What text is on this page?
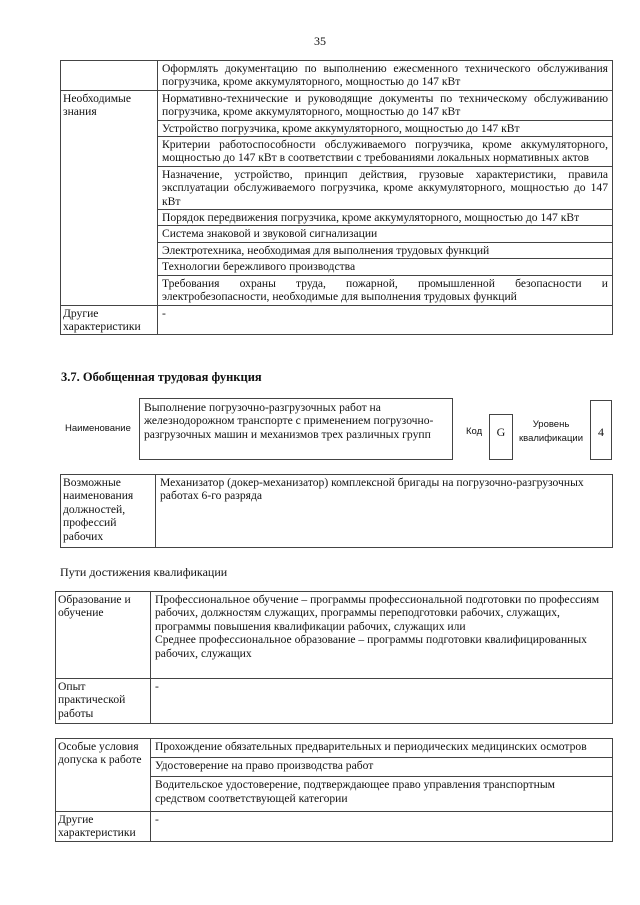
35
	Оформлять документацию по выполнению ежесменного технического обслуживания погрузчика, кроме аккумуляторного, мощностью до 147 кВт
Необходимые знания	Нормативно-технические и руководящие документы по техническому обслуживанию погрузчика, кроме аккумуляторного, мощностью до 147 кВт
	Устройство погрузчика, кроме аккумуляторного, мощностью до 147 кВт
	Критерии работоспособности обслуживаемого погрузчика, кроме аккумуляторного, мощностью до 147 кВт в соответствии с требованиями локальных нормативных актов
	Назначение, устройство, принцип действия, грузовые характеристики, правила эксплуатации обслуживаемого погрузчика, кроме аккумуляторного, мощностью до 147 кВт
	Порядок передвижения погрузчика, кроме аккумуляторного, мощностью до 147 кВт
	Система знаковой и звуковой сигнализации
	Электротехника, необходимая для выполнения трудовых функций
	Технологии бережливого производства
	Требования охраны труда, пожарной, промышленной безопасности и электробезопасности, необходимые для выполнения трудовых функций
Другие характеристики	-
3.7. Обобщенная трудовая функция
Наименование
Выполнение погрузочно-разгрузочных работ на железнодорожном транспорте с применением погрузочно-разгрузочных машин и механизмов трех различных групп	Код	G
Уровень квалификации	4
Возможные наименования должностей, профессий рабочих	Механизатор (докер-механизатор) комплексной бригады на погрузочно-разгрузочных работах 6-го разряда
Пути достижения квалификации
Образование и обучение	Профессиональное обучение – программы профессиональной подготовки по профессиям рабочих, должностям служащих, программы переподготовки рабочих, служащих, программы повышения квалификации рабочих, служащих или
Среднее профессиональное образование – программы подготовки квалифицированных рабочих, служащих

Опыт практической работы	-
Особые условия допуска к работе	Прохождение обязательных предварительных и периодических медицинских осмотров
	Удостоверение на право производства работ
	Водительское удостоверение, подтверждающее право управления транспортным средством соответствующей категории
Другие характеристики	-
